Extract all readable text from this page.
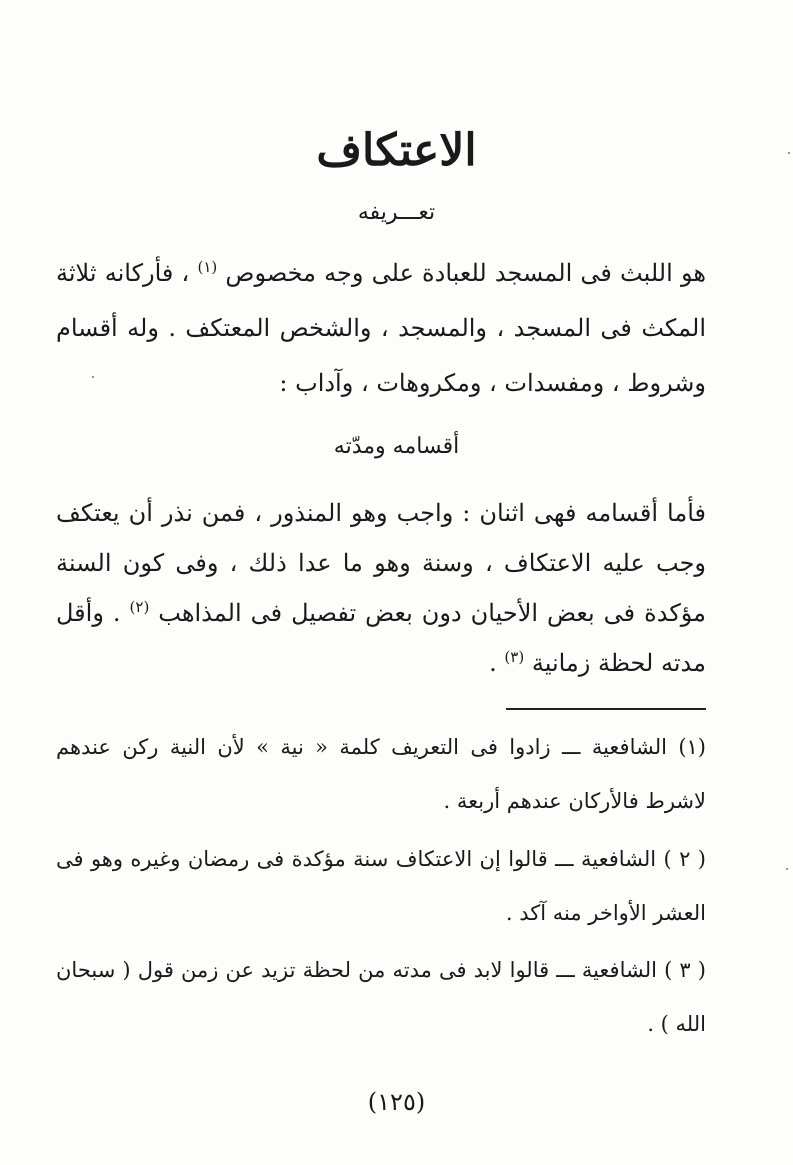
الاعتكاف
تعـــريفه

هو اللبث فى المسجد للعبادة على وجه مخصوص $^{(١)}$ ، فأركانه ثلاثة المكث فى المسجد ، والمسجد ، والشخص المعتكف . وله أقسام وشروط ، ومفسدات ، ومكروهات ، وآداب :

أقسامه ومدّته

فأما أقسامه فهى اثنان : واجب وهو المنذور ، فمن نذر أن يعتكف وجب عليه الاعتكاف ، وسنة وهو ما عدا ذلك ، وفى كون السنة مؤكدة فى بعض الأحيان دون بعض تفصيل فى المذاهب $^{(٢)}$ . وأقل مدته لحظة زمانية $^{(٣)}$ .

(١) الشافعية ـــ زادوا فى التعريف كلمة « نية » لأن النية ركن عندهم لاشرط فالأركان عندهم أربعة .

( ٢ ) الشافعية ـــ قالوا إن الاعتكاف سنة مؤكدة فى رمضان وغيره وهو فى العشر الأواخر منه آكد .

( ٣ ) الشافعية ـــ قالوا لابد فى مدته من لحظة تزيد عن زمن قول ( سبحان الله ) .

(١٢٥)
